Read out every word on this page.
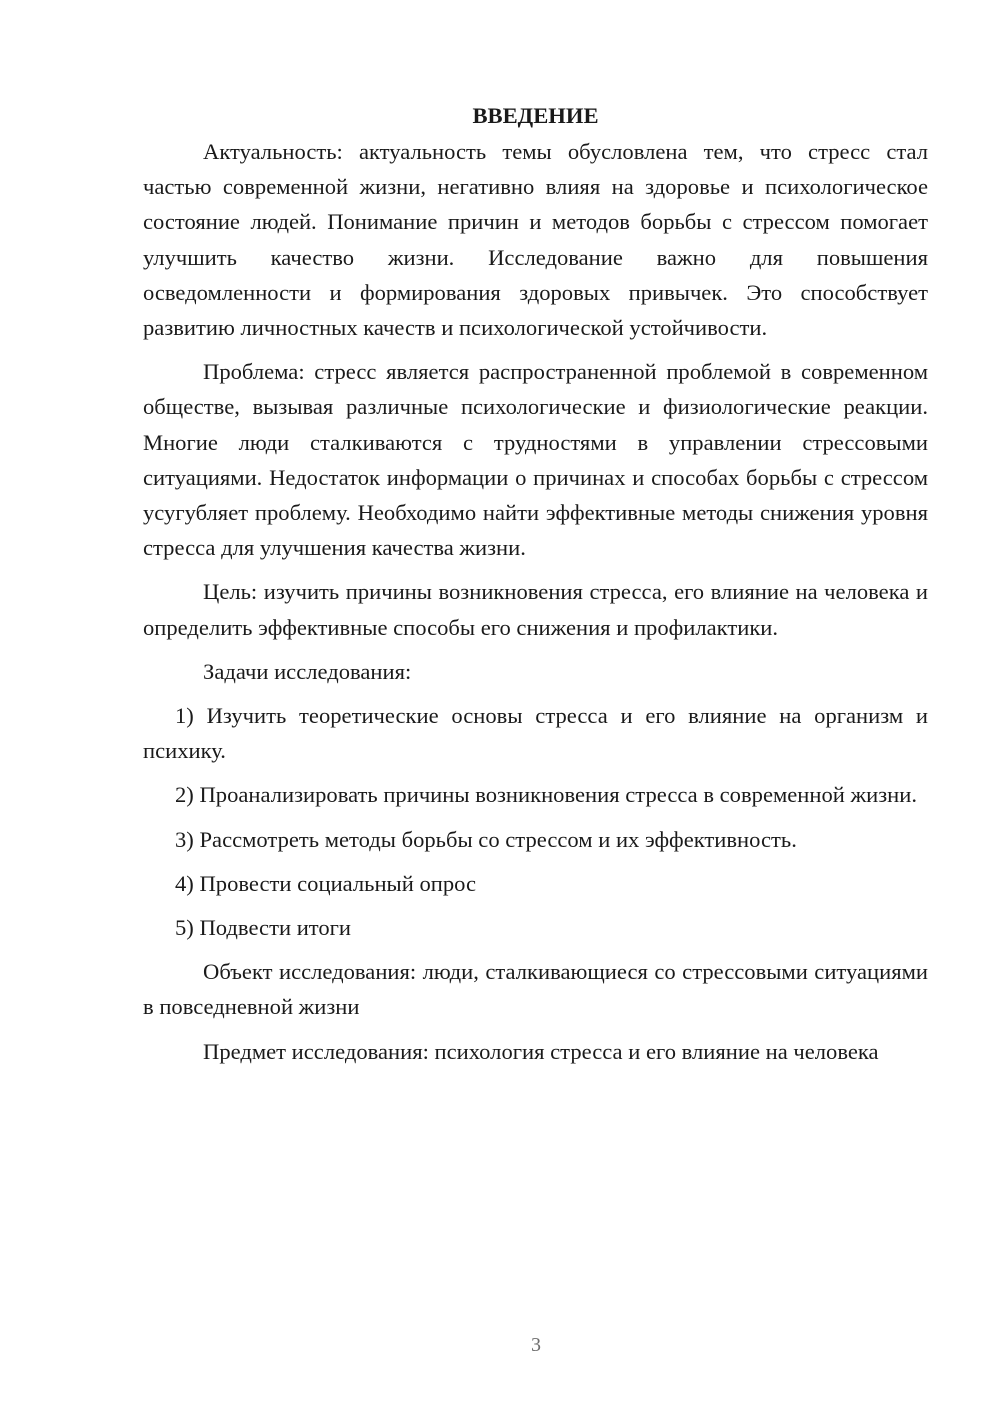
ВВЕДЕНИЕ

Актуальность: актуальность темы обусловлена тем, что стресс стал частью современной жизни, негативно влияя на здоровье и психологическое состояние людей. Понимание причин и методов борьбы с стрессом помогает улучшить качество жизни. Исследование важно для повышения осведомленности и формирования здоровых привычек. Это способствует развитию личностных качеств и психологической устойчивости.

Проблема: стресс является распространенной проблемой в современном обществе, вызывая различные психологические и физиологические реакции. Многие люди сталкиваются с трудностями в управлении стрессовыми ситуациями. Недостаток информации о причинах и способах борьбы с стрессом усугубляет проблему. Необходимо найти эффективные методы снижения уровня стресса для улучшения качества жизни.

Цель: изучить причины возникновения стресса, его влияние на человека и определить эффективные способы его снижения и профилактики.

Задачи исследования:

1) Изучить теоретические основы стресса и его влияние на организм и психику.

2) Проанализировать причины возникновения стресса в современной жизни.

3) Рассмотреть методы борьбы со стрессом и их эффективность.

4) Провести социальный опрос

5) Подвести итоги

Объект исследования: люди, сталкивающиеся со стрессовыми ситуациями в повседневной жизни

Предмет исследования: психология стресса и его влияние на человека

3
